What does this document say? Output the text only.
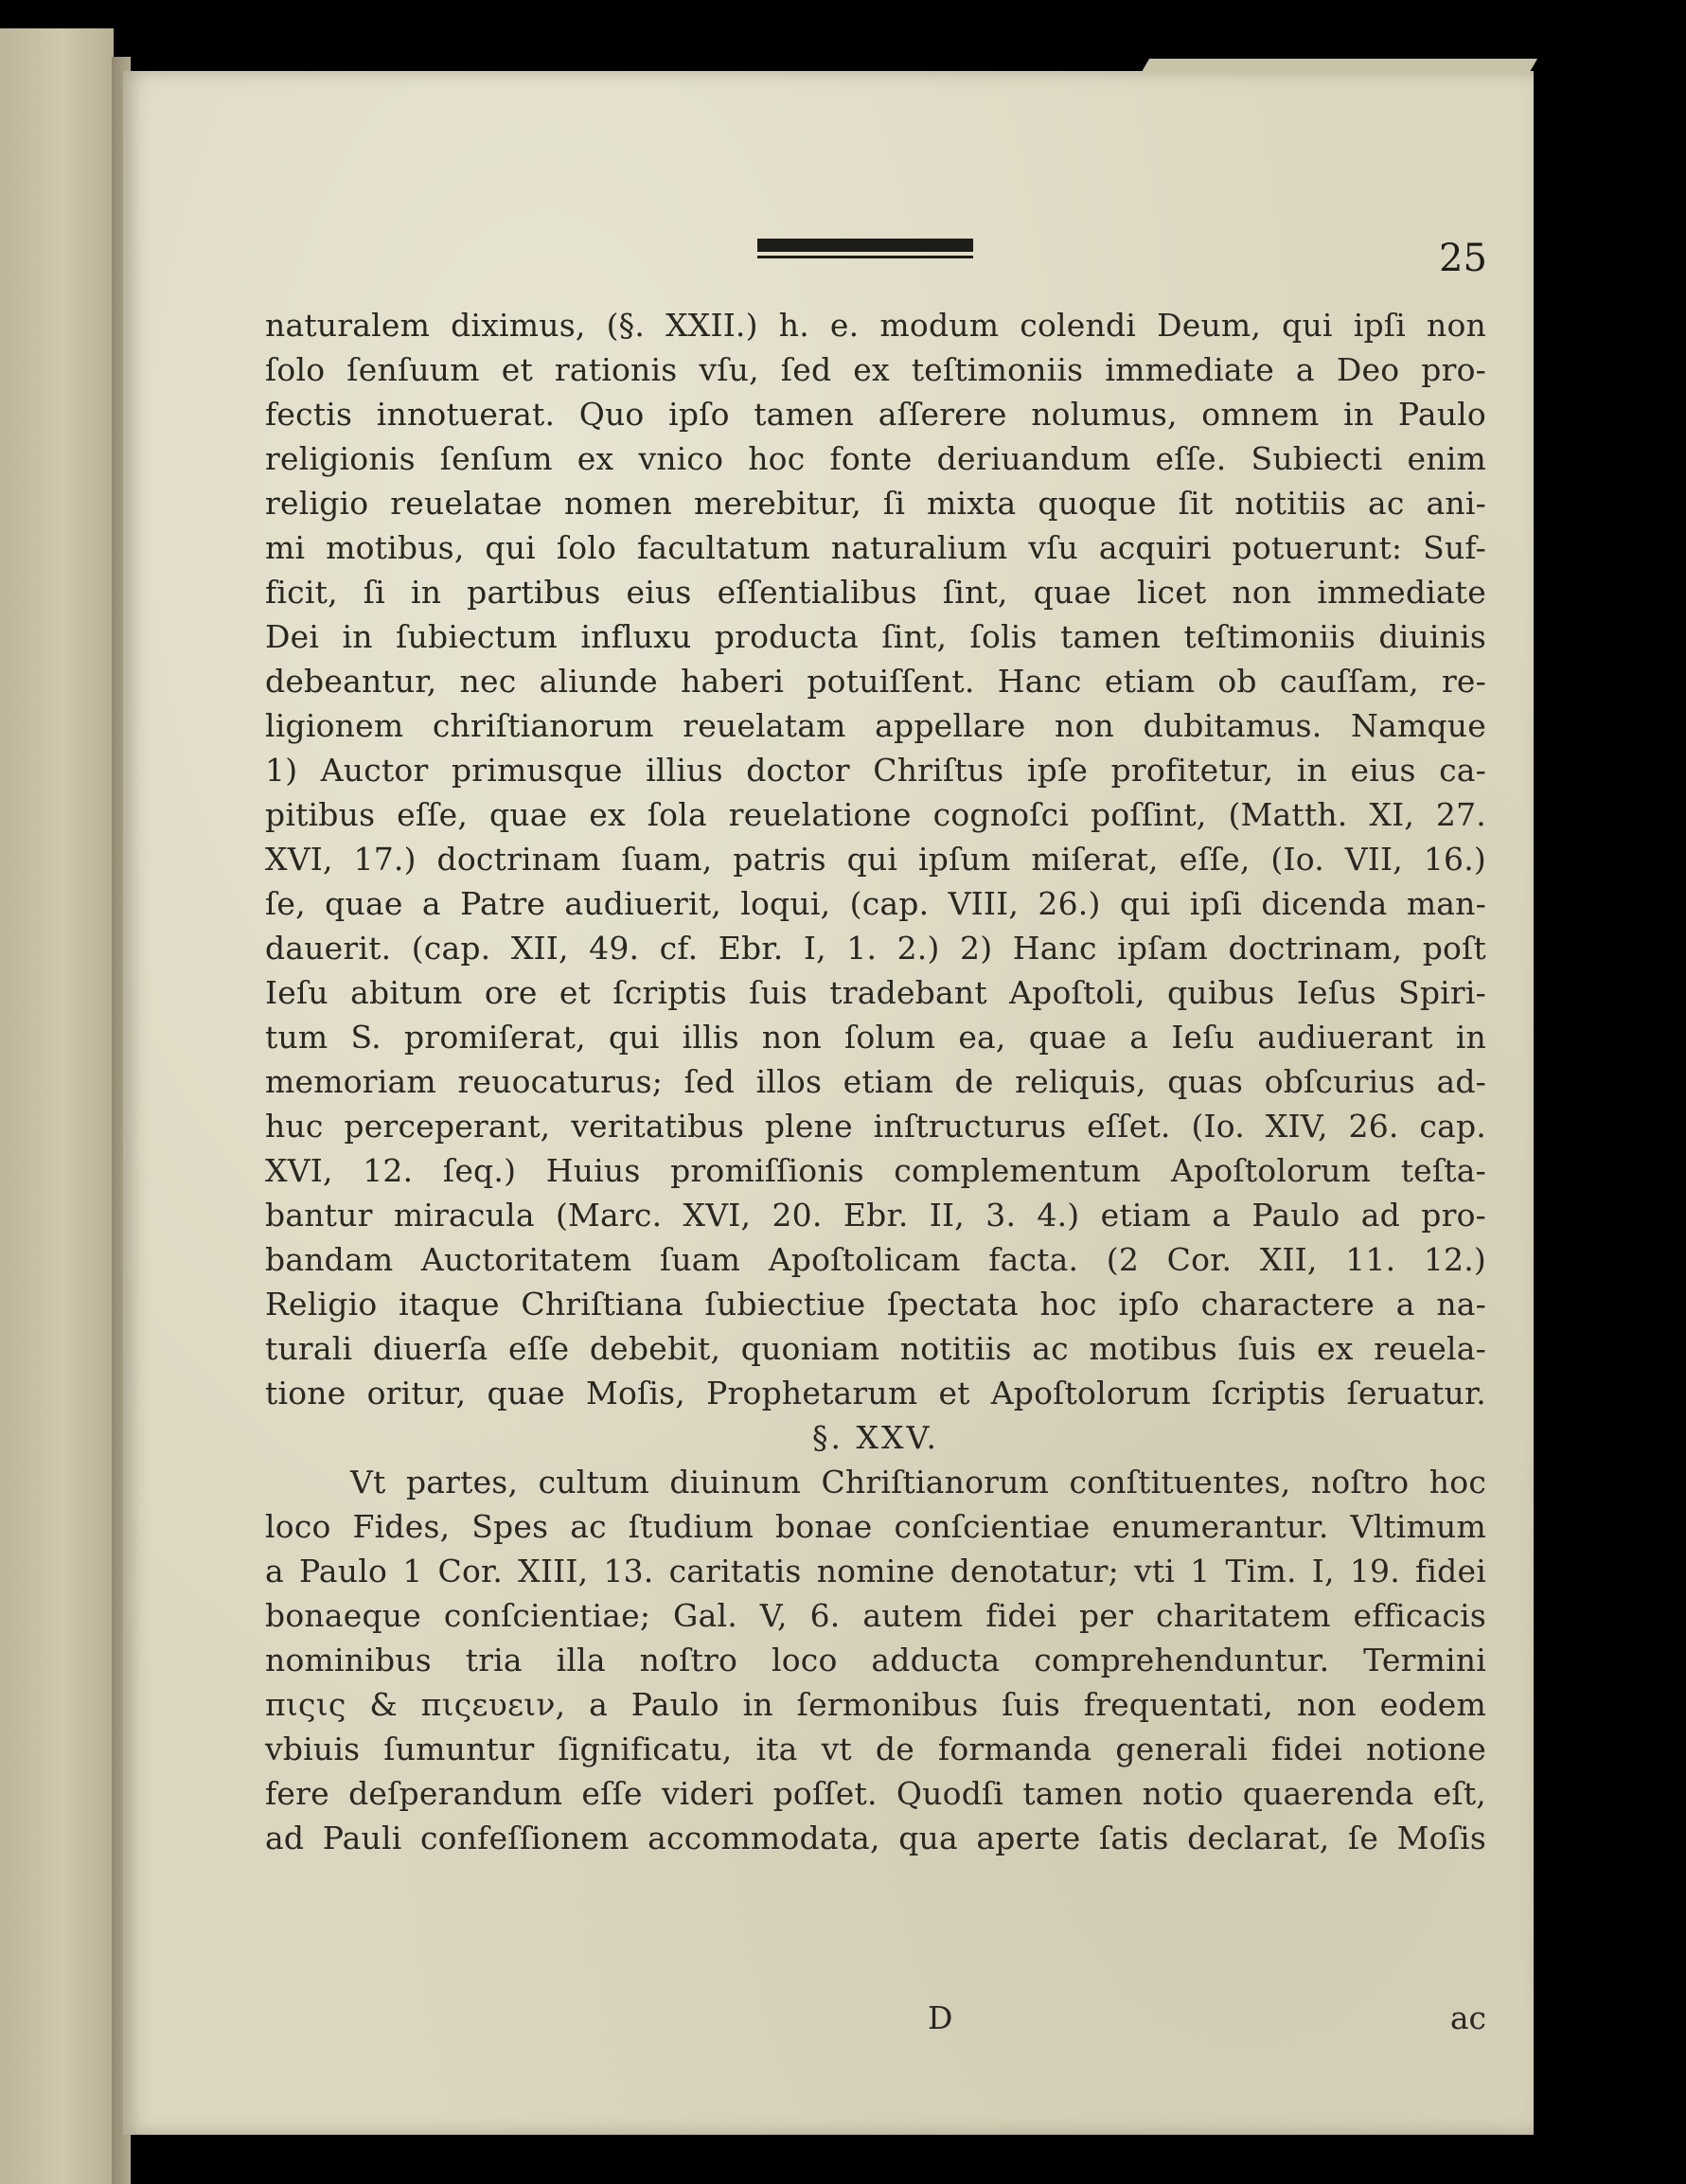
25
naturalem diximus, (§. XXII.) h. e. modum colendi Deum, qui ipſi non
ſolo ſenſuum et rationis vſu, ſed ex teſtimoniis immediate a Deo pro-
fectis innotuerat. Quo ipſo tamen aſſerere nolumus, omnem in Paulo
religionis ſenſum ex vnico hoc fonte deriuandum eſſe. Subiecti enim
religio reuelatae nomen merebitur, ſi mixta quoque ſit notitiis ac ani-
mi motibus, qui ſolo facultatum naturalium vſu acquiri potuerunt: Suf-
ficit, ſi in partibus eius eſſentialibus ſint, quae licet non immediate
Dei in ſubiectum influxu producta ſint, ſolis tamen teſtimoniis diuinis
debeantur, nec aliunde haberi potuiſſent. Hanc etiam ob cauſſam, re-
ligionem chriſtianorum reuelatam appellare non dubitamus. Namque
1) Auctor primusque illius doctor Chriſtus ipſe profitetur, in eius ca-
pitibus eſſe, quae ex ſola reuelatione cognoſci poſſint, (Matth. XI, 27.
XVI, 17.) doctrinam ſuam, patris qui ipſum miſerat, eſſe, (Io. VII, 16.)
ſe, quae a Patre audiuerit, loqui, (cap. VIII, 26.) qui ipſi dicenda man-
dauerit. (cap. XII, 49. cf. Ebr. I, 1. 2.) 2) Hanc ipſam doctrinam, poſt
Ieſu abitum ore et ſcriptis ſuis tradebant Apoſtoli, quibus Ieſus Spiri-
tum S. promiſerat, qui illis non ſolum ea, quae a Ieſu audiuerant in
memoriam reuocaturus; ſed illos etiam de reliquis, quas obſcurius ad-
huc perceperant, veritatibus plene inſtructurus eſſet. (Io. XIV, 26. cap.
XVI, 12. ſeq.) Huius promiſſionis complementum Apoſtolorum teſta-
bantur miracula (Marc. XVI, 20. Ebr. II, 3. 4.) etiam a Paulo ad pro-
bandam Auctoritatem ſuam Apoſtolicam facta. (2 Cor. XII, 11. 12.)
Religio itaque Chriſtiana ſubiectiue ſpectata hoc ipſo charactere a na-
turali diuerſa eſſe debebit, quoniam notitiis ac motibus ſuis ex reuela-
tione oritur, quae Moſis, Prophetarum et Apoſtolorum ſcriptis ſeruatur.
§. XXV.
Vt partes, cultum diuinum Chriſtianorum conſtituentes, noſtro hoc
loco Fides, Spes ac ſtudium bonae conſcientiae enumerantur. Vltimum
a Paulo 1 Cor. XIII, 13. caritatis nomine denotatur; vti 1 Tim. I, 19. fidei
bonaeque conſcientiae; Gal. V, 6. autem fidei per charitatem efficacis
nominibus tria illa noſtro loco adducta comprehenduntur. Termini
πιςις & πιςευειν, a Paulo in ſermonibus ſuis frequentati, non eodem
vbiuis ſumuntur ſignificatu, ita vt de formanda generali fidei notione
fere deſperandum eſſe videri poſſet. Quodſi tamen notio quaerenda eſt,
ad Pauli confeſſionem accommodata, qua aperte ſatis declarat, ſe Moſis
D	ac
